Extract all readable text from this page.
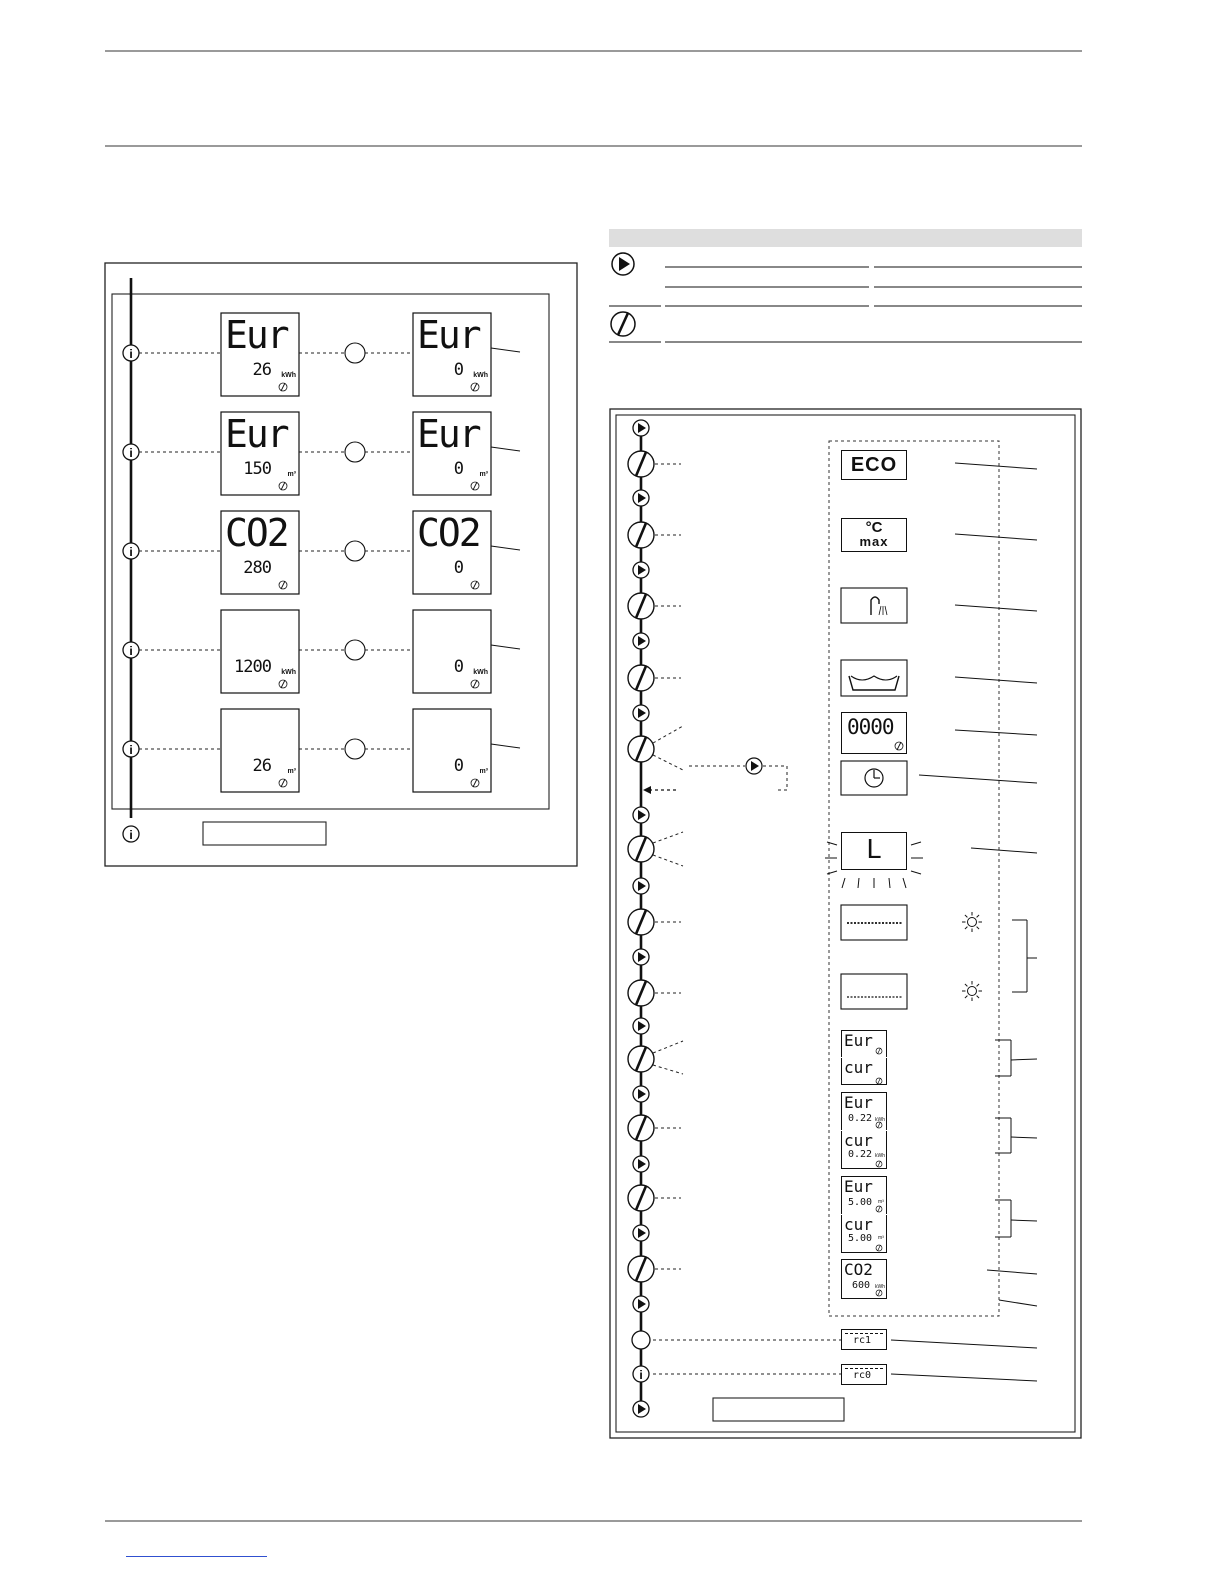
i
i
i
i
i
i
Eur
26 kWh
Eur
0 kWh
Eur
150 m³
Eur
0 m³
CO2
280
CO2
0
1200 kWh	0 kWh
26 m³	0 m³
i
ECO
°C
max
0000
L
Eur
cur
Eur
0.22 kWh
cur
0.22 kWh
Eur
5.00 m³
cur
5.00 m³
CO2
600 kWh
rc1
rc0
